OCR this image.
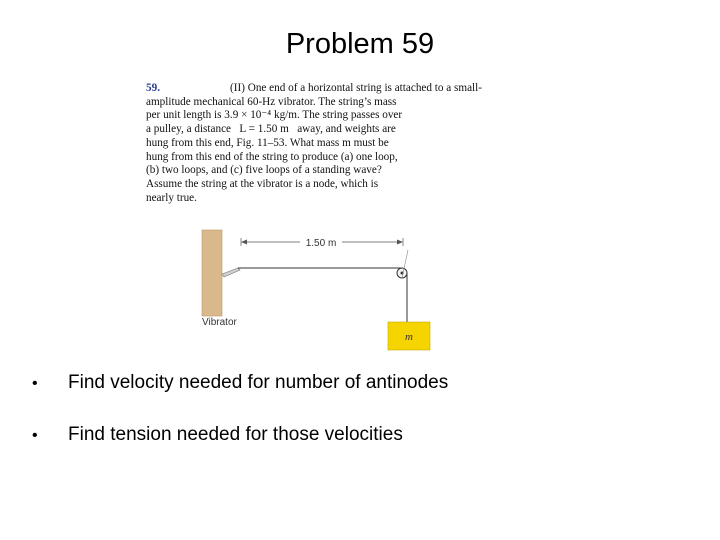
Problem 59
59.	(II) One end of a horizontal string is attached to a small-
amplitude mechanical 60-Hz vibrator. The string’s mass
per unit length is 3.9 × 10⁻⁴ kg/m. The string passes over
a pulley, a distance   L = 1.50 m   away, and weights are
hung from this end, Fig. 11–53. What mass m must be
hung from this end of the string to produce (a) one loop,
(b) two loops, and (c) five loops of a standing wave?
Assume the string at the vibrator is a node, which is
nearly true.
m
1.50 m
Vibrator
•	Find velocity needed for number of antinodes
•	Find tension needed for those velocities
